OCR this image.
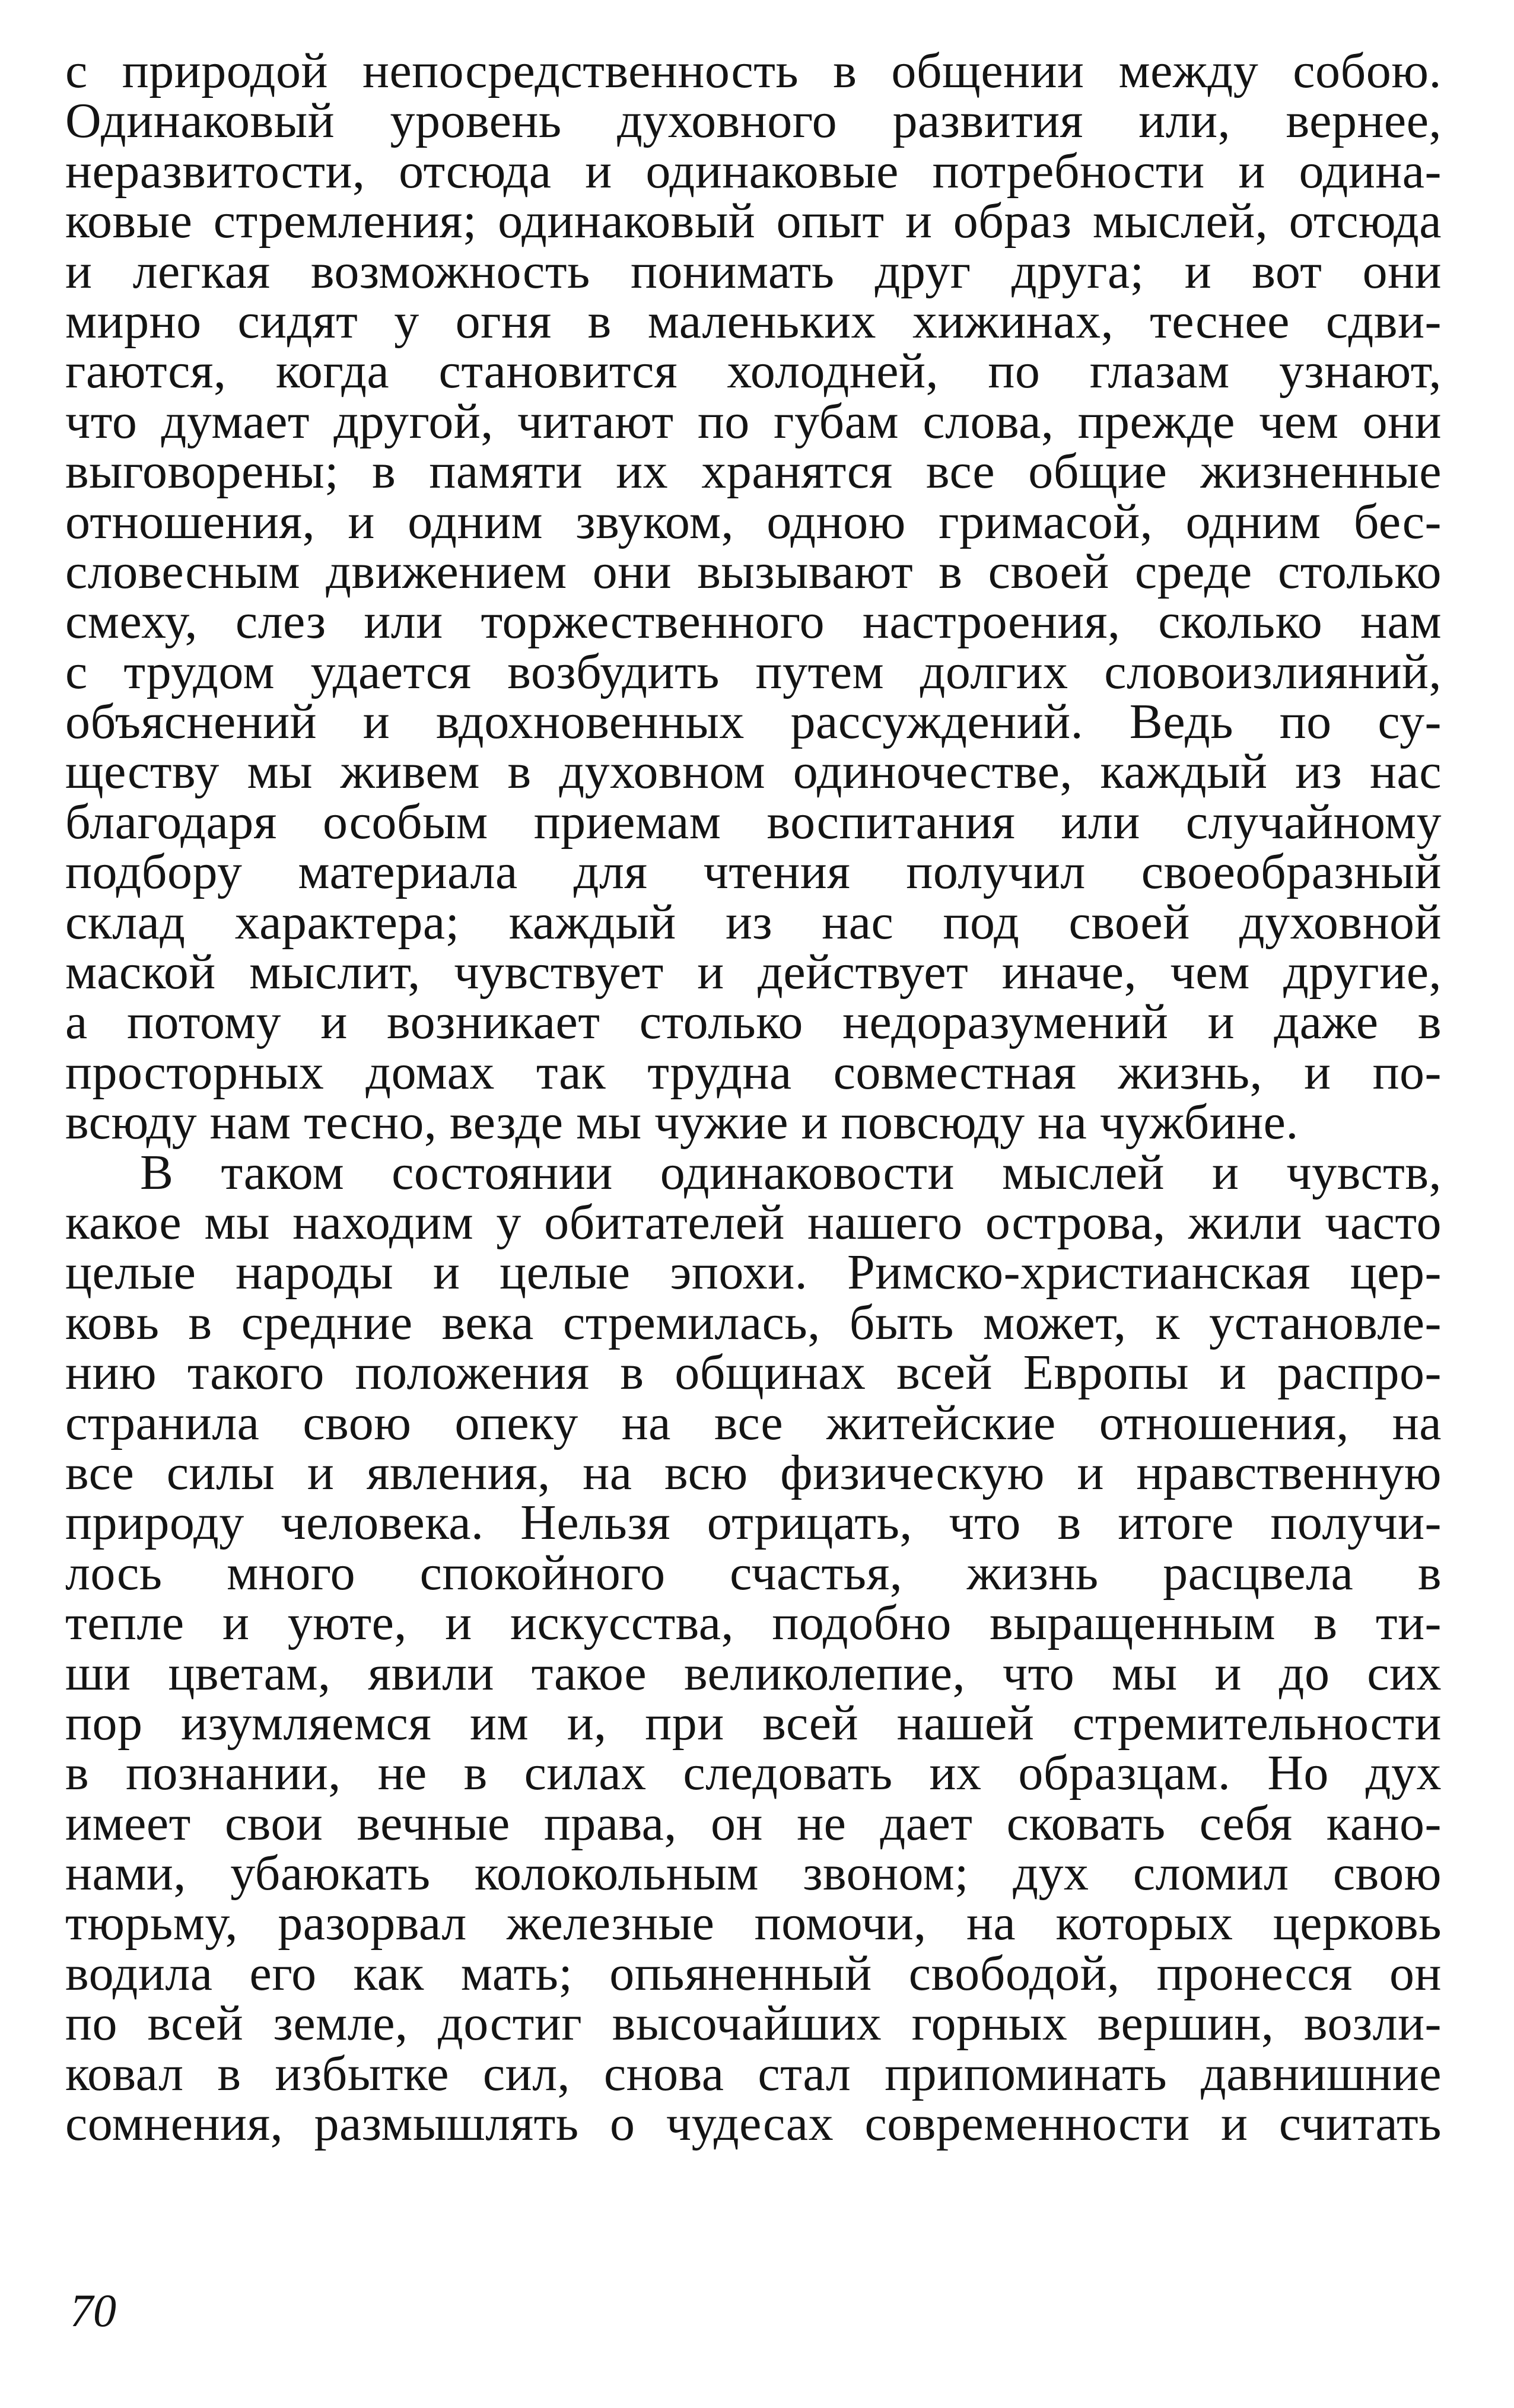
с природой непосредственность в общении между собою.
Одинаковый уровень духовного развития или, вернее,
неразвитости, отсюда и одинаковые потребности и одина-
ковые стремления; одинаковый опыт и образ мыслей, отсюда
и легкая возможность понимать друг друга; и вот они
мирно сидят у огня в маленьких хижинах, теснее сдви-
гаются, когда становится холодней, по глазам узнают,
что думает другой, читают по губам слова, прежде чем они
выговорены; в памяти их хранятся все общие жизненные
отношения, и одним звуком, одною гримасой, одним бес-
словесным движением они вызывают в своей среде столько
смеху, слез или торжественного настроения, сколько нам
с трудом удается возбудить путем долгих словоизлияний,
объяснений и вдохновенных рассуждений. Ведь по су-
ществу мы живем в духовном одиночестве, каждый из нас
благодаря особым приемам воспитания или случайному
подбору материала для чтения получил своеобразный
склад характера; каждый из нас под своей духовной
маской мыслит, чувствует и действует иначе, чем другие,
а потому и возникает столько недоразумений и даже в
просторных домах так трудна совместная жизнь, и по-
всюду нам тесно, везде мы чужие и повсюду на чужбине.
В таком состоянии одинаковости мыслей и чувств,
какое мы находим у обитателей нашего острова, жили часто
целые народы и целые эпохи. Римско-христианская цер-
ковь в средние века стремилась, быть может, к установле-
нию такого положения в общинах всей Европы и распро-
странила свою опеку на все житейские отношения, на
все силы и явления, на всю физическую и нравственную
природу человека. Нельзя отрицать, что в итоге получи-
лось много спокойного счастья, жизнь расцвела в
тепле и уюте, и искусства, подобно выращенным в ти-
ши цветам, явили такое великолепие, что мы и до сих
пор изумляемся им и, при всей нашей стремительности
в познании, не в силах следовать их образцам. Но дух
имеет свои вечные права, он не дает сковать себя кано-
нами, убаюкать колокольным звоном; дух сломил свою
тюрьму, разорвал железные помочи, на которых церковь
водила его как мать; опьяненный свободой, пронесся он
по всей земле, достиг высочайших горных вершин, возли-
ковал в избытке сил, снова стал припоминать давнишние
сомнения, размышлять о чудесах современности и считать
70
